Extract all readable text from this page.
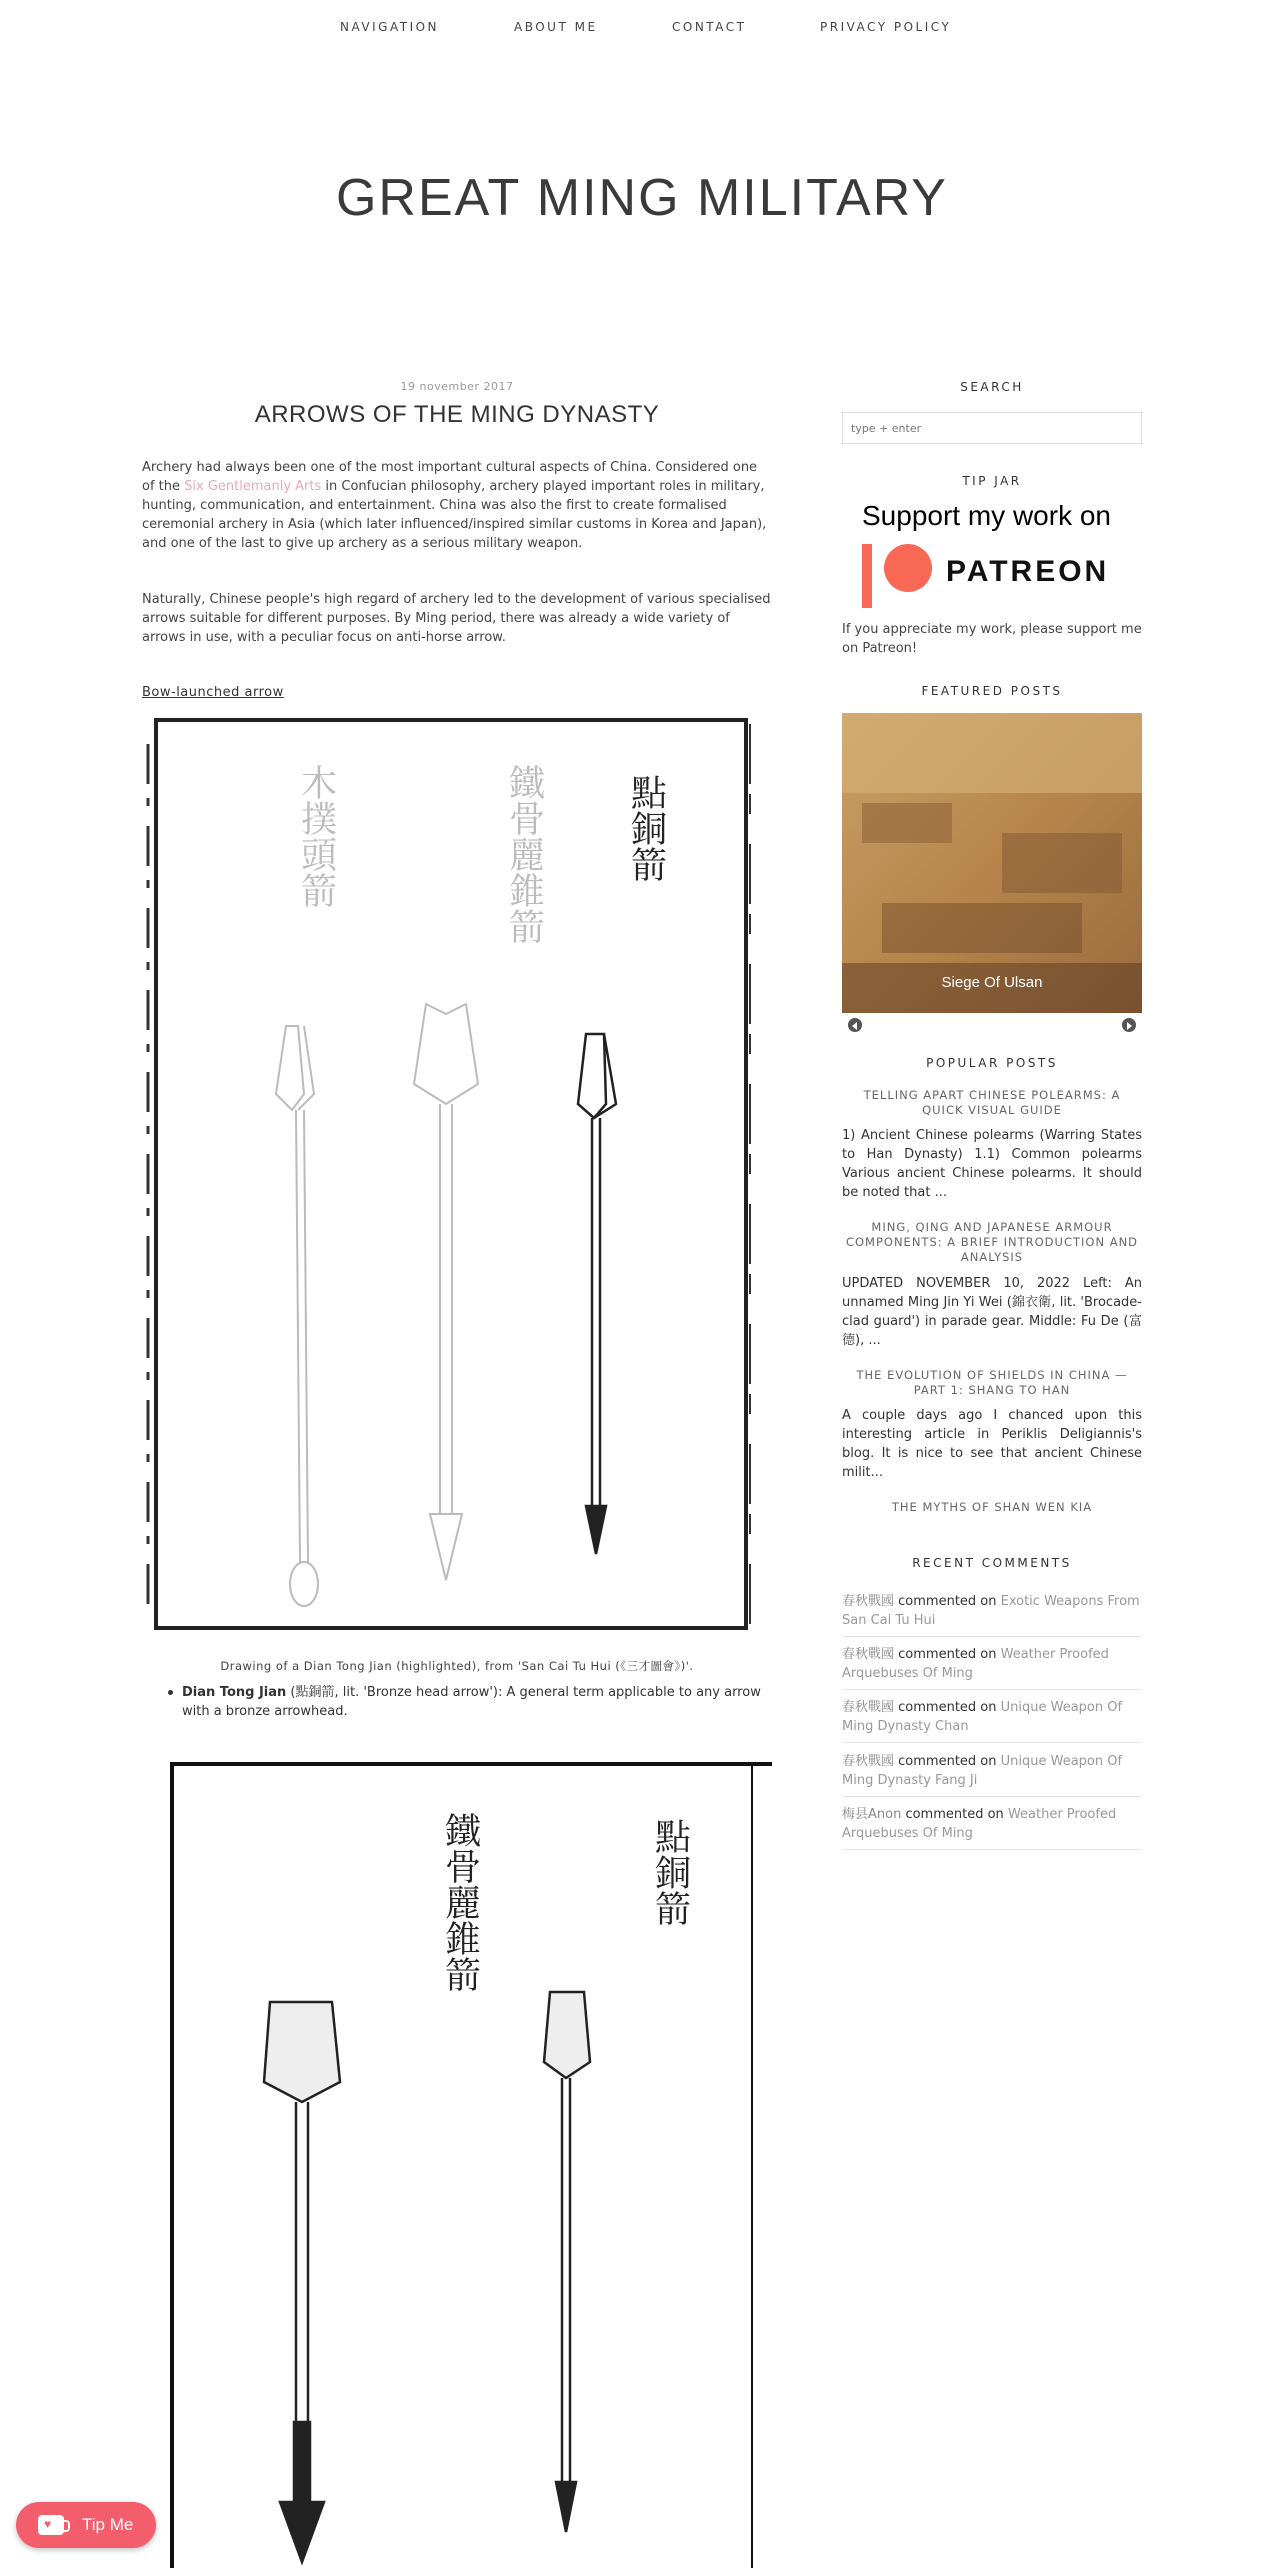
NAVIGATION	ABOUT ME	CONTACT	PRIVACY POLICY
GREAT MING MILITARY
19 november 2017
ARROWS OF THE MING DYNASTY

Archery had always been one of the most important cultural aspects of China. Considered one of the Six Gentlemanly Arts in Confucian philosophy, archery played important roles in military, hunting, communication, and entertainment. China was also the first to create formalised ceremonial archery in Asia (which later influenced/inspired similar customs in Korea and Japan), and one of the last to give up archery as a serious military weapon.

Naturally, Chinese people's high regard of archery led to the development of various specialised arrows suitable for different purposes. By Ming period, there was already a wide variety of arrows in use, with a peculiar focus on anti-horse arrow.

Bow-launched arrow
點銅箭
鐵骨麗錐箭
木撲頭箭
Drawing of a Dian Tong Jian (highlighted), from 'San Cai Tu Hui (《三才圖會》)'.
Dian Tong Jian (點銅箭, lit. 'Bronze head arrow'): A general term applicable to any arrow with a bronze arrowhead.
點銅箭
鐵骨麗錐箭
SEARCH
type + enter
TIP JAR
Support my work on
PATREON
If you appreciate my work, please support me on Patreon!
FEATURED POSTS
Siege Of Ulsan
POPULAR POSTS
TELLING APART CHINESE POLEARMS: A QUICK VISUAL GUIDE
1) Ancient Chinese polearms (Warring States to Han Dynasty) 1.1) Common polearms Various ancient Chinese polearms. It should be noted that ...
MING, QING AND JAPANESE ARMOUR COMPONENTS: A BRIEF INTRODUCTION AND ANALYSIS
UPDATED NOVEMBER 10, 2022 Left: An unnamed Ming Jin Yi Wei (錦衣衛, lit. 'Brocade-clad guard') in parade gear. Middle: Fu De (富德), ...
THE EVOLUTION OF SHIELDS IN CHINA — PART 1: SHANG TO HAN
A couple days ago I chanced upon this interesting article in Periklis Deligiannis's blog. It is nice to see that ancient Chinese milit...
THE MYTHS OF SHAN WEN KIA
RECENT COMMENTS
春秋戰國 commented on Exotic Weapons From San Cai Tu Hui
春秋戰國 commented on Weather Proofed Arquebuses Of Ming
春秋戰國 commented on Unique Weapon Of Ming Dynasty Chan
春秋戰國 commented on Unique Weapon Of Ming Dynasty Fang Ji
梅县Anon commented on Weather Proofed Arquebuses Of Ming
♥ Tip Me
